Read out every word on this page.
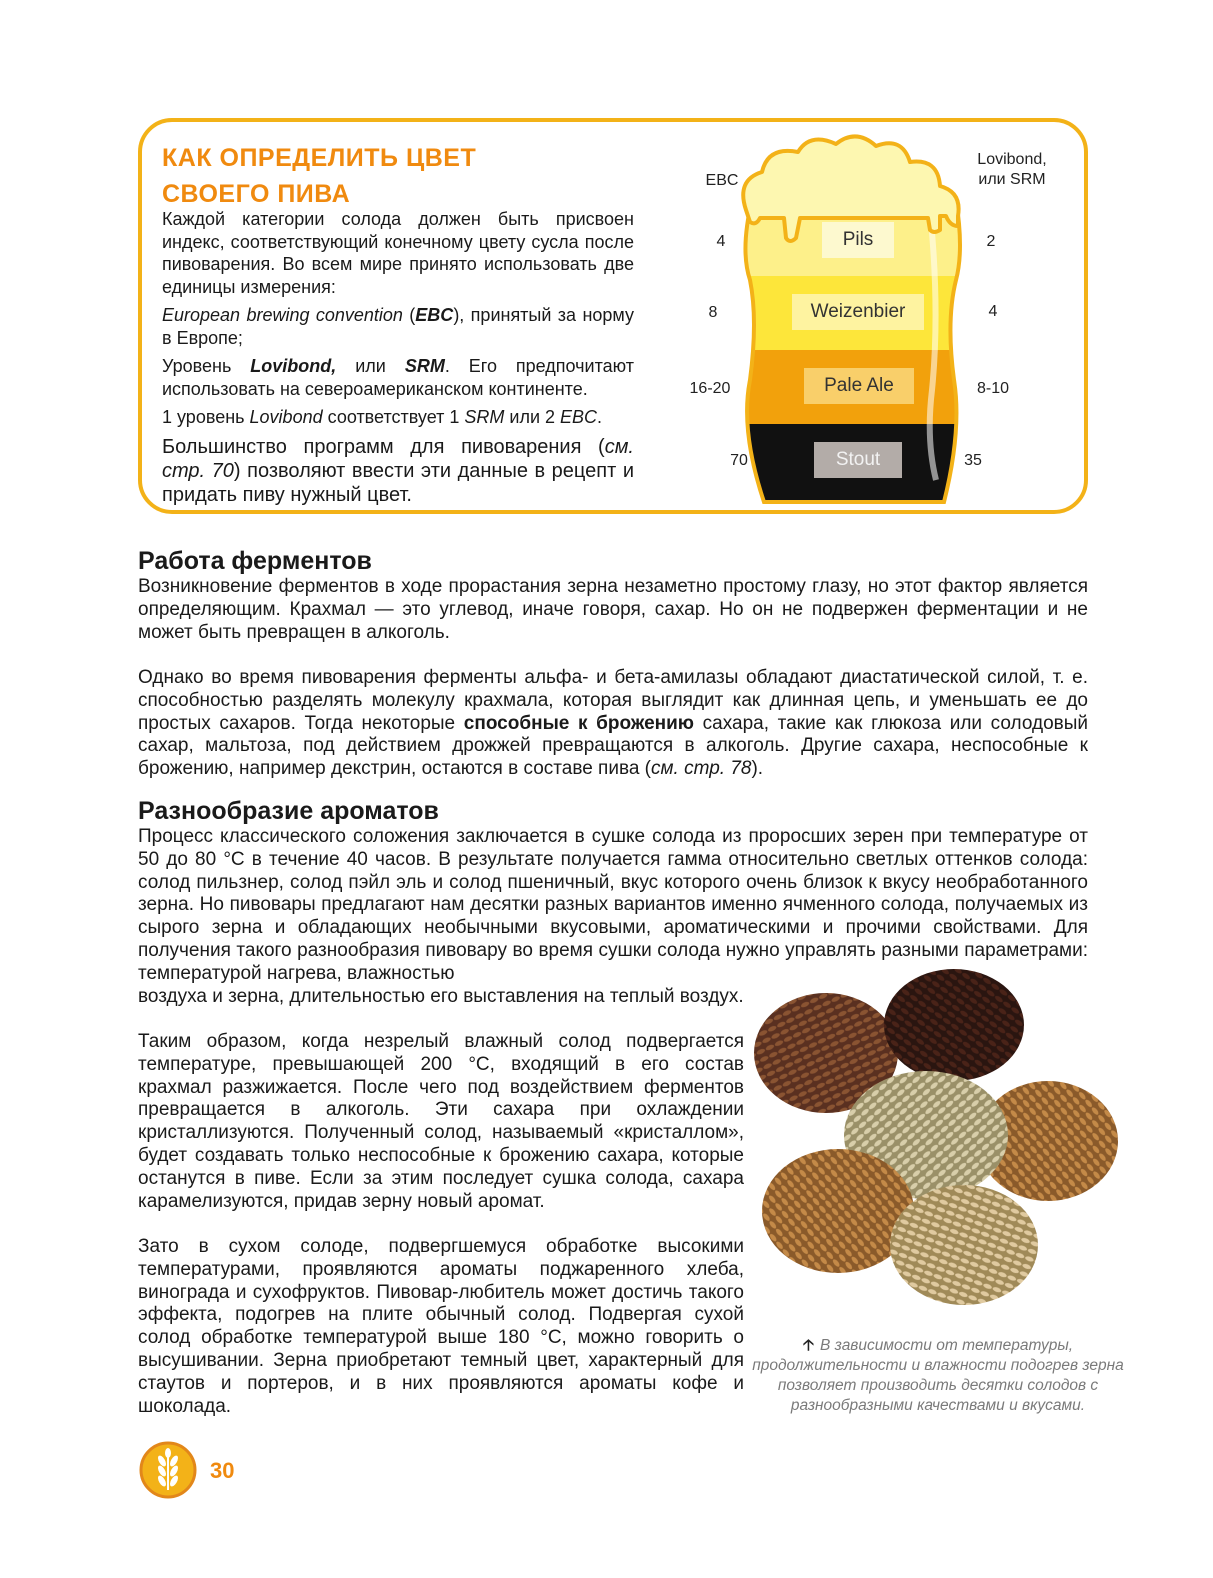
КАК ОПРЕДЕЛИТЬ ЦВЕТ
СВОЕГО ПИВА

Каждой категории солода должен быть присвоен индекс, соответствующий конечному цвету сусла после пивоварения. Во всем мире принято использовать две единицы измерения:

European brewing convention (EBC), принятый за норму в Европе;

Уровень Lovibond, или SRM. Его предпочитают использовать на североамериканском континенте.

1 уровень Lovibond соответствует 1 SRM или 2 EBC.

Большинство программ для пивоварения (см. стр. 70) позволяют ввести эти данные в рецепт и придать пиву нужный цвет.

EBC
Lovibond,
или SRM
4
8
16-20
70
2
4
8-10
35
Pils
Weizenbier
Pale Ale
Stout
Работа ферментов

Возникновение ферментов в ходе прорастания зерна незаметно простому глазу, но этот фактор является определяющим. Крахмал — это углевод, иначе говоря, сахар. Но он не подвержен ферментации и не может быть превращен в алкоголь.

Однако во время пивоварения ферменты альфа- и бета-амилазы обладают диастатической силой, т. е. способностью разделять молекулу крахмала, которая выглядит как длинная цепь, и уменьшать ее до простых сахаров. Тогда некоторые способные к брожению сахара, такие как глюкоза или солодовый сахар, мальтоза, под действием дрожжей превращаются в алкоголь. Другие сахара, неспособные к брожению, например декстрин, остаются в составе пива (см. стр. 78).

Разнообразие ароматов

Процесс классического соложения заключается в сушке солода из проросших зерен при температуре от 50 до 80 °С в течение 40 часов. В результате получается гамма относительно светлых оттенков солода: солод пильзнер, солод пэйл эль и солод пшеничный, вкус которого очень близок к вкусу необработанного зерна. Но пивовары предлагают нам десятки разных вариантов именно ячменного солода, получаемых из сырого зерна и обладающих необычными вкусовыми, ароматическими и прочими свойствами. Для получения такого разнообразия пивовару во время сушки солода нужно управлять разными параметрами: температурой нагрева, влажностью

воздуха и зерна, длительностью его выставления на теплый воздух.

Таким образом, когда незрелый влажный солод подвергается температуре, превышающей 200 °С, входящий в его состав крахмал разжижается. После чего под воздействием ферментов превращается в алкоголь. Эти сахара при охлаждении кристаллизуются. Полученный солод, называемый «кристаллом», будет создавать только неспособные к брожению сахара, которые останутся в пиве. Если за этим последует сушка солода, сахара карамелизуются, придав зерну новый аромат.

Зато в сухом солоде, подвергшемуся обработке высокими температурами, проявляются ароматы поджаренного хлеба, винограда и сухофруктов. Пивовар-любитель может достичь такого эффекта, подогрев на плите обычный солод. Подвергая сухой солод обработке температурой выше 180 °С, можно говорить о высушивании. Зерна приобретают темный цвет, характерный для стаутов и портеров, и в них проявляются ароматы кофе и шоколада.

🡡 В зависимости от температуры, продолжительности и влажности подогрев зерна позволяет производить десятки солодов с разнообразными качествами и вкусами.
30
